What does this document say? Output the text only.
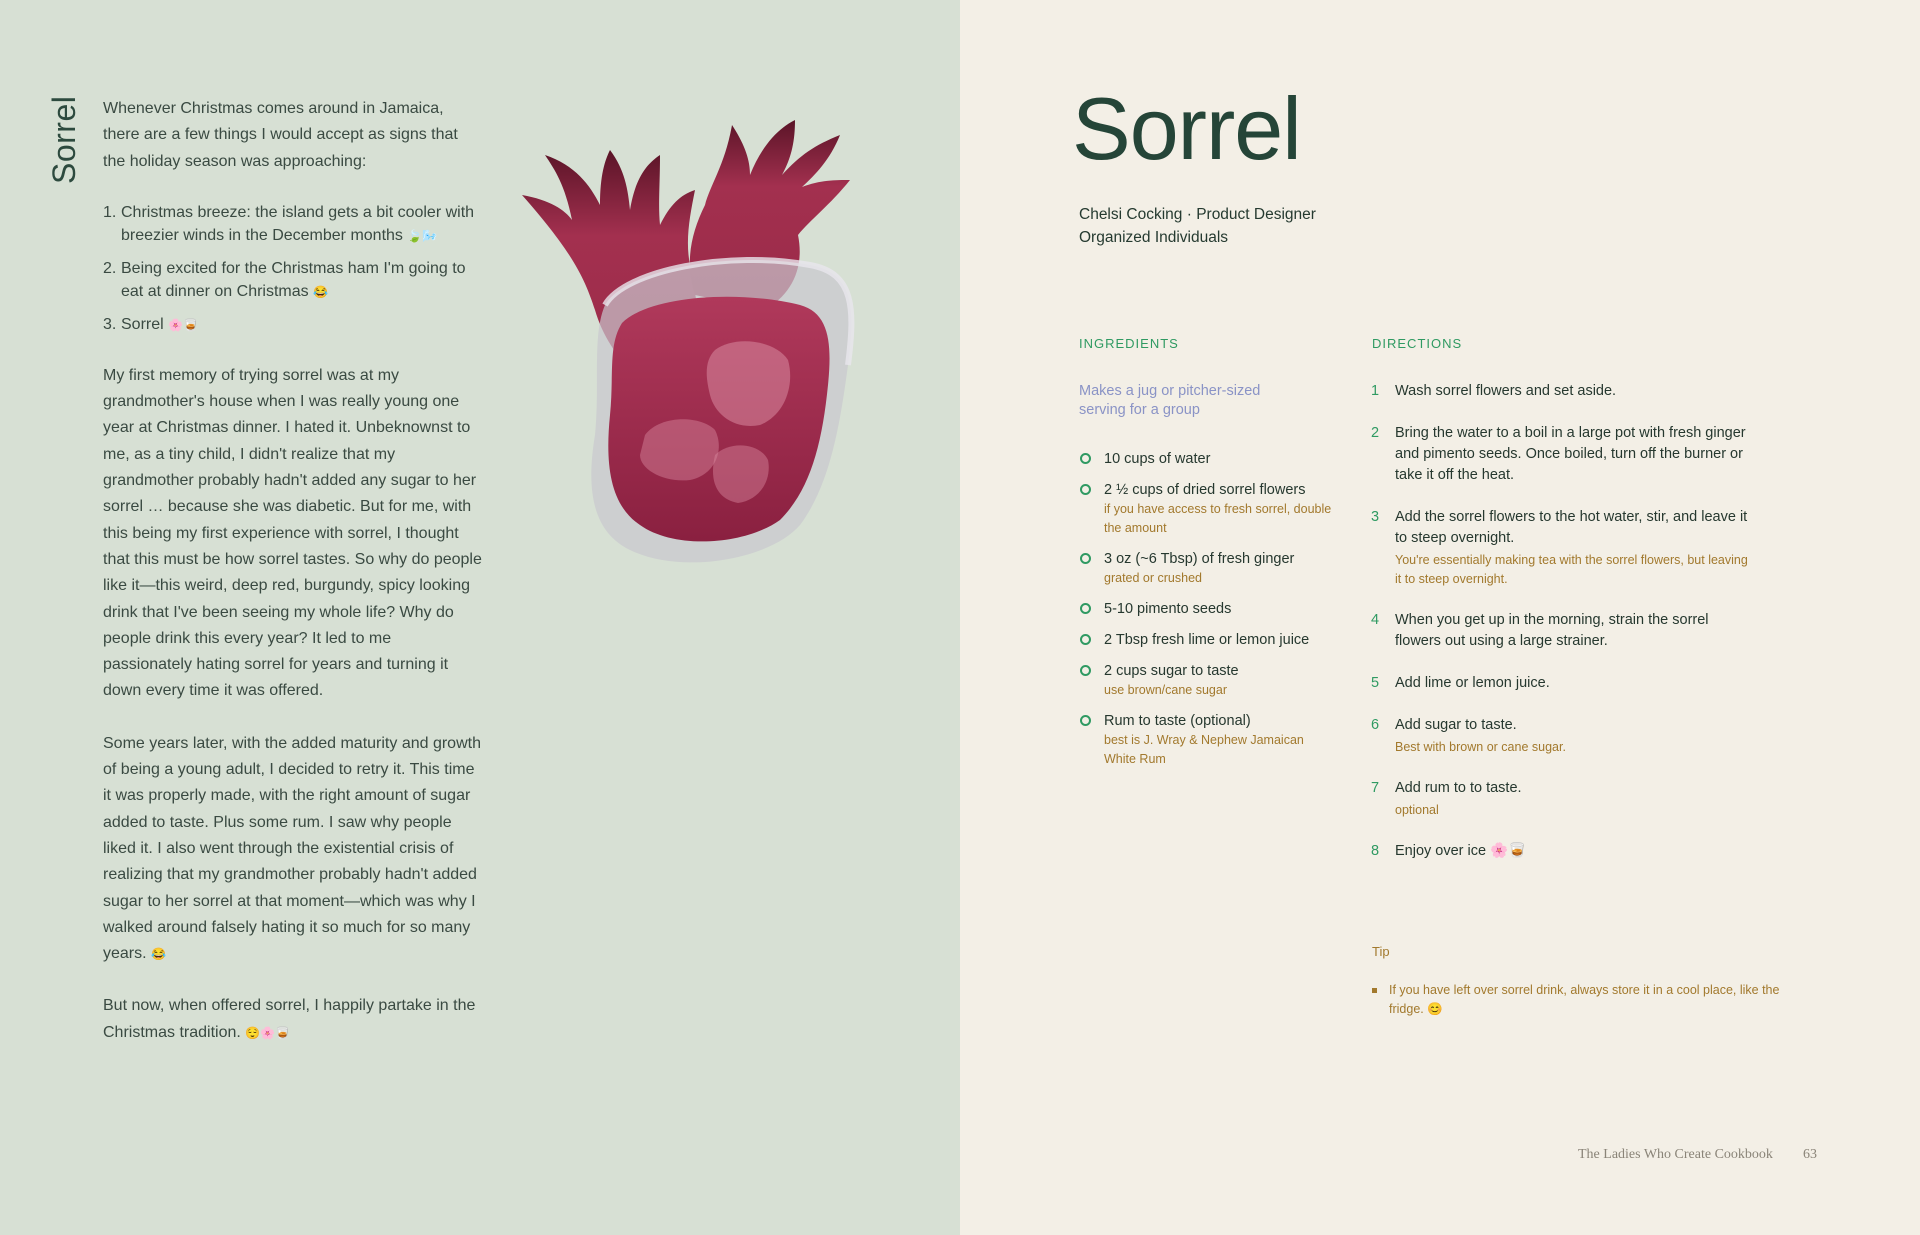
Sorrel Whenever Christmas comes around in Jamaica, there are a few things I would accept as signs that the holiday season was approaching:

1. Christmas breeze: the island gets a bit cooler with breezier winds in the December months 🍃🌬️
2. Being excited for the Christmas ham I'm going to eat at dinner on Christmas 😂
3. Sorrel 🌸🥃

My first memory of trying sorrel was at my grandmother's house when I was really young one year at Christmas dinner. I hated it. Unbeknownst to me, as a tiny child, I didn't realize that my grandmother probably hadn't added any sugar to her sorrel … because she was diabetic. But for me, with this being my first experience with sorrel, I thought that this must be how sorrel tastes. So why do people like it—this weird, deep red, burgundy, spicy looking drink that I've been seeing my whole life? Why do people drink this every year? It led to me passionately hating sorrel for years and turning it down every time it was offered.

Some years later, with the added maturity and growth of being a young adult, I decided to retry it. This time it was properly made, with the right amount of sugar added to taste. Plus some rum. I saw why people liked it. I also went through the existential crisis of realizing that my grandmother probably hadn't added sugar to her sorrel at that moment—which was why I walked around falsely hating it so much for so many years. 😂

But now, when offered sorrel, I happily partake in the Christmas tradition. 😌🌸🥃

Sorrel
Chelsi Cocking · Product Designer
Organized Individuals
INGREDIENTS	DIRECTIONS
Makes a jug or pitcher-sized serving for a group
10 cups of water
2 ½ cups of dried sorrel flowers
if you have access to fresh sorrel, double the amount
3 oz (~6 Tbsp) of fresh ginger
grated or crushed
5-10 pimento seeds
2 Tbsp fresh lime or lemon juice
2 cups sugar to taste
use brown/cane sugar
Rum to taste (optional)
best is J. Wray & Nephew Jamaican White Rum
1 Wash sorrel flowers and set aside.
2 Bring the water to a boil in a large pot with fresh ginger and pimento seeds. Once boiled, turn off the burner or take it off the heat.
3 Add the sorrel flowers to the hot water, stir, and leave it to steep overnight.
You're essentially making tea with the sorrel flowers, but leaving it to steep overnight.
4 When you get up in the morning, strain the sorrel flowers out using a large strainer.
5 Add lime or lemon juice.
6 Add sugar to taste.
Best with brown or cane sugar.
7 Add rum to to taste.
optional
8 Enjoy over ice 🌸🥃
Tip
If you have left over sorrel drink, always store it in a cool place, like the fridge. 😊
The Ladies Who Create Cookbook 63
